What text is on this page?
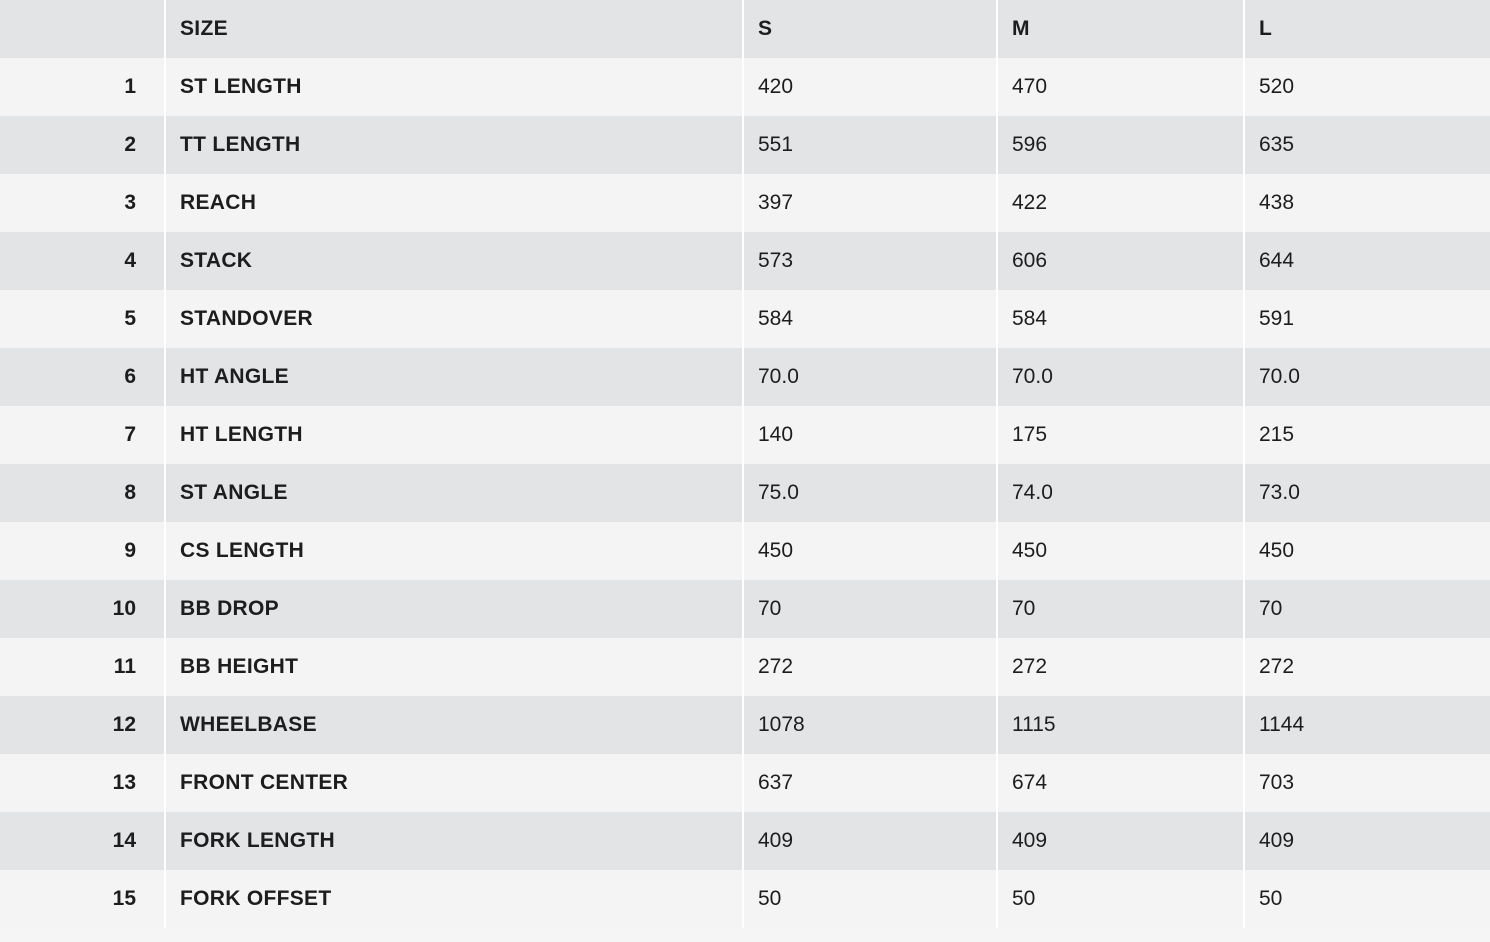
	SIZE	S	M	L
1	ST LENGTH	420	470	520
2	TT LENGTH	551	596	635
3	REACH	397	422	438
4	STACK	573	606	644
5	STANDOVER	584	584	591
6	HT ANGLE	70.0	70.0	70.0
7	HT LENGTH	140	175	215
8	ST ANGLE	75.0	74.0	73.0
9	CS LENGTH	450	450	450
10	BB DROP	70	70	70
11	BB HEIGHT	272	272	272
12	WHEELBASE	1078	1115	1144
13	FRONT CENTER	637	674	703
14	FORK LENGTH	409	409	409
15	FORK OFFSET	50	50	50
